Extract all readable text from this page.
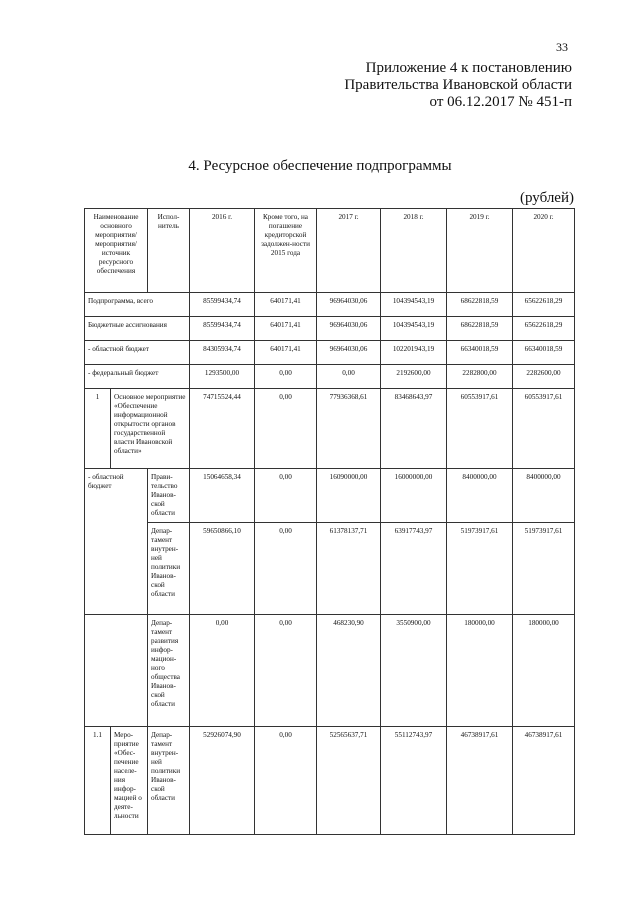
33
Приложение 4 к постановлению
Правительства Ивановской области
от 06.12.2017 № 451-п
4. Ресурсное обеспечение подпрограммы
(рублей)
Наименование основного мероприятия/ мероприятия/ источник ресурсного обеспечения		Испол-нитель	2016 г.	Кроме того, на погашение кредиторской задолжен-ности 2015 года	2017 г.	2018 г.	2019 г.	2020 г.
Подпрограмма, всего			85599434,74	640171,41	96964030,06	104394543,19	68622818,59	65622618,29
Бюджетные ассигнования			85599434,74	640171,41	96964030,06	104394543,19	68622818,59	65622618,29
- областной бюджет			84305934,74	640171,41	96964030,06	102201943,19	66340018,59	66340018,59
- федеральный бюджет			1293500,00	0,00	0,00	2192600,00	2282800,00	2282600,00
1	Основное мероприятие «Обеспечение информационной открытости органов государственной власти Ивановской области»		74715524,44	0,00	77936368,61	83468643,97	60553917,61	60553917,61
- областной бюджет		Прави-тельство Иванов-ской области	15064658,34	0,00	16090000,00	16000000,00	8400000,00	8400000,00
		Депар-тамент внутрен-ней политики Иванов-ской области	59650866,10	0,00	61378137,71	63917743,97	51973917,61	51973917,61
		Депар-тамент развития инфор-мацион-ного общества Иванов-ской области	0,00	0,00	468230,90	3550900,00	180000,00	180000,00
1.1	Меро-приятие «Обес-печение населе-ния инфор-мацией о деяте-льности	Депар-тамент внутрен-ней политики Иванов-ской области	52926074,90	0,00	52565637,71	55112743,97	46738917,61	46738917,61
